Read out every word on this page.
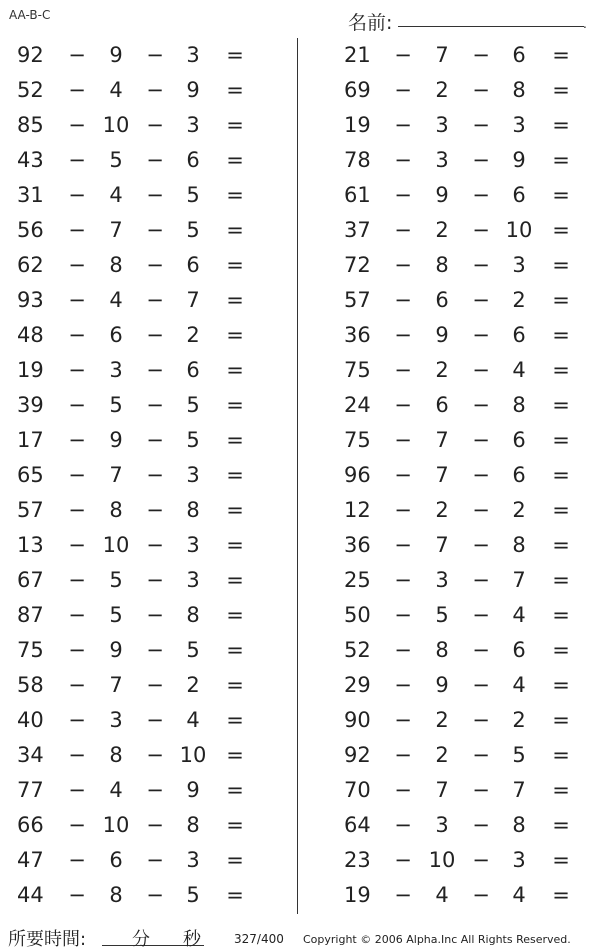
AA-B-C	名前:	.
92 −	9	−	3	=
52 −	4	−	9	=
85 − 10 −	3	=
43 −	5	−	6	=
31 −	4	−	5	=
56 −	7	−	5	=
62 −	8	−	6	=
93 −	4	−	7	=
48 −	6	−	2	=
19 −	3	−	6	=
39 −	5	−	5	=
17 −	9	−	5	=
65 −	7	−	3	=
57 −	8	−	8	=
13 − 10 −	3	=
67 −	5	−	3	=
87 −	5	−	8	=
75 −	9	−	5	=
58 −	7	−	2	=
40 −	3	−	4	=
34 −	8	− 10 =
77 −	4	−	9	=
66 − 10 −	8	=
47 −	6	−	3	=
44 −	8	−	5	=
21 −	7	−	6	=
69 −	2	−	8	=
19 −	3	−	3	=
78 −	3	−	9	=
61 −	9	−	6	=
37 −	2	− 10 =
72 −	8	−	3	=
57 −	6	−	2	=
36 −	9	−	6	=
75 −	2	−	4	=
24 −	6	−	8	=
75 −	7	−	6	=
96 −	7	−	6	=
12 −	2	−	2	=
36 −	7	−	8	=
25 −	3	−	7	=
50 −	5	−	4	=
52 −	8	−	6	=
29 −	9	−	4	=
90 −	2	−	2	=
92 −	2	−	5	=
70 −	7	−	7	=
64 −	3	−	8	=
23 − 10 −	3	=
19 −	4	−	4	=
所要時間:	分 秒	327/400 Copyright © 2006 Alpha.Inc All Rights Reserved.
